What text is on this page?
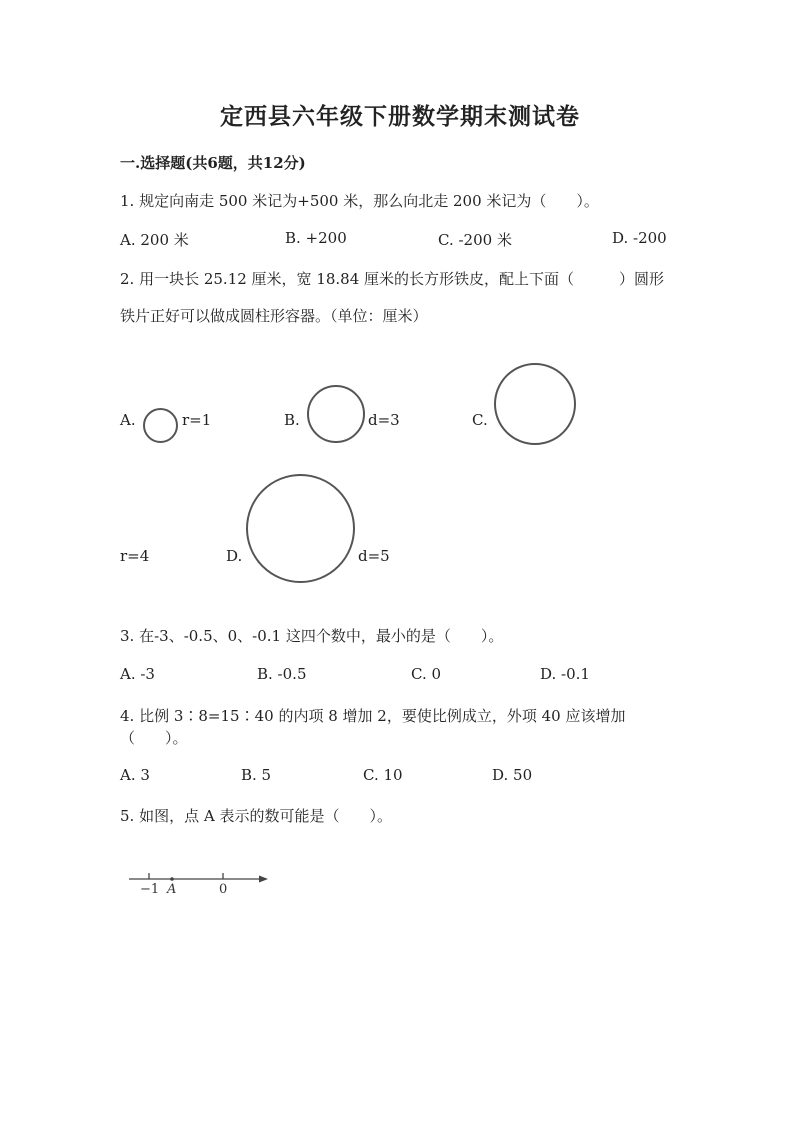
定西县六年级下册数学期末测试卷
一.选择题(共6题，共12分)
1. 规定向南走 500 米记为+500 米，那么向北走 200 米记为（　　）。
A. 200 米	B. +200	C. -200 米	D. -200
2. 用一块长 25.12 厘米，宽 18.84 厘米的长方形铁皮，配上下面（　　　）圆形
铁片正好可以做成圆柱形容器。（单位：厘米）
A.	r=1	B.	d=3	C.
r=4	D.	d=5
3. 在-3、-0.5、0、-0.1 这四个数中，最小的是（　　）。
A. -3	B. -0.5	C. 0	D. -0.1
4. 比例 3∶8=15∶40 的内项 8 增加 2，要使比例成立，外项 40 应该增加
（　　）。
A. 3	B. 5	C. 10	D. 50
5. 如图，点 A 表示的数可能是（　　）。
−1 A	0
